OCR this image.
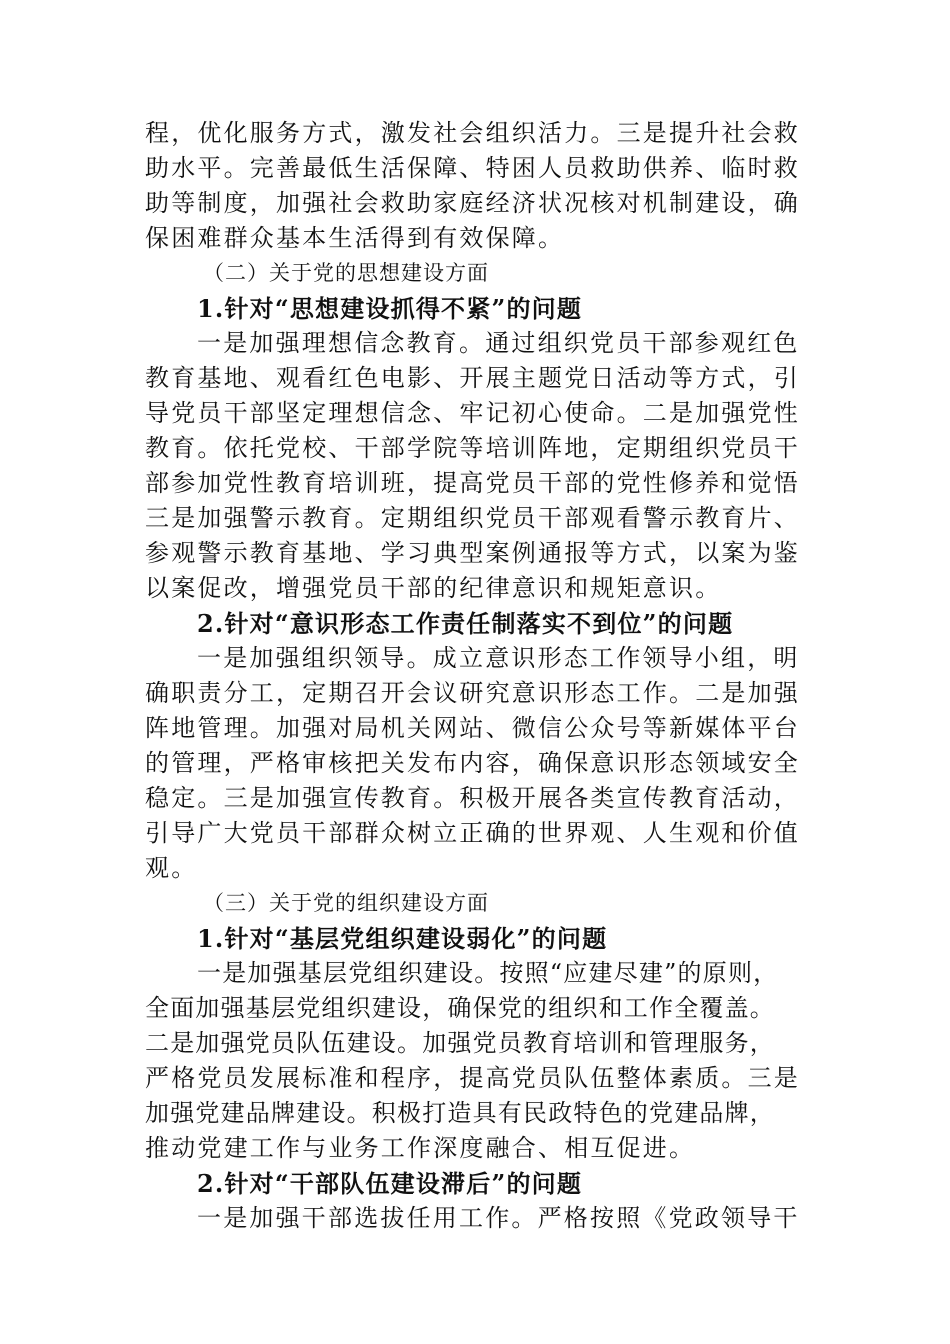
程，优化服务方式，激发社会组织活力。三是提升社会救
助水平。完善最低生活保障、特困人员救助供养、临时救
助等制度，加强社会救助家庭经济状况核对机制建设，确
保困难群众基本生活得到有效保障。
（二）关于党的思想建设方面
1.针对“思想建设抓得不紧”的问题
一是加强理想信念教育。通过组织党员干部参观红色
教育基地、观看红色电影、开展主题党日活动等方式，引
导党员干部坚定理想信念、牢记初心使命。二是加强党性
教育。依托党校、干部学院等培训阵地，定期组织党员干
部参加党性教育培训班，提高党员干部的党性修养和觉悟
三是加强警示教育。定期组织党员干部观看警示教育片、
参观警示教育基地、学习典型案例通报等方式，以案为鉴
以案促改，增强党员干部的纪律意识和规矩意识。
2.针对“意识形态工作责任制落实不到位”的问题
一是加强组织领导。成立意识形态工作领导小组，明
确职责分工，定期召开会议研究意识形态工作。二是加强
阵地管理。加强对局机关网站、微信公众号等新媒体平台
的管理，严格审核把关发布内容，确保意识形态领域安全
稳定。三是加强宣传教育。积极开展各类宣传教育活动，
引导广大党员干部群众树立正确的世界观、人生观和价值
观。
（三）关于党的组织建设方面
1.针对“基层党组织建设弱化”的问题
一是加强基层党组织建设。按照“应建尽建”的原则，
全面加强基层党组织建设，确保党的组织和工作全覆盖。
二是加强党员队伍建设。加强党员教育培训和管理服务，
严格党员发展标准和程序，提高党员队伍整体素质。三是
加强党建品牌建设。积极打造具有民政特色的党建品牌，
推动党建工作与业务工作深度融合、相互促进。
2.针对“干部队伍建设滞后”的问题
一是加强干部选拔任用工作。严格按照《党政领导干
